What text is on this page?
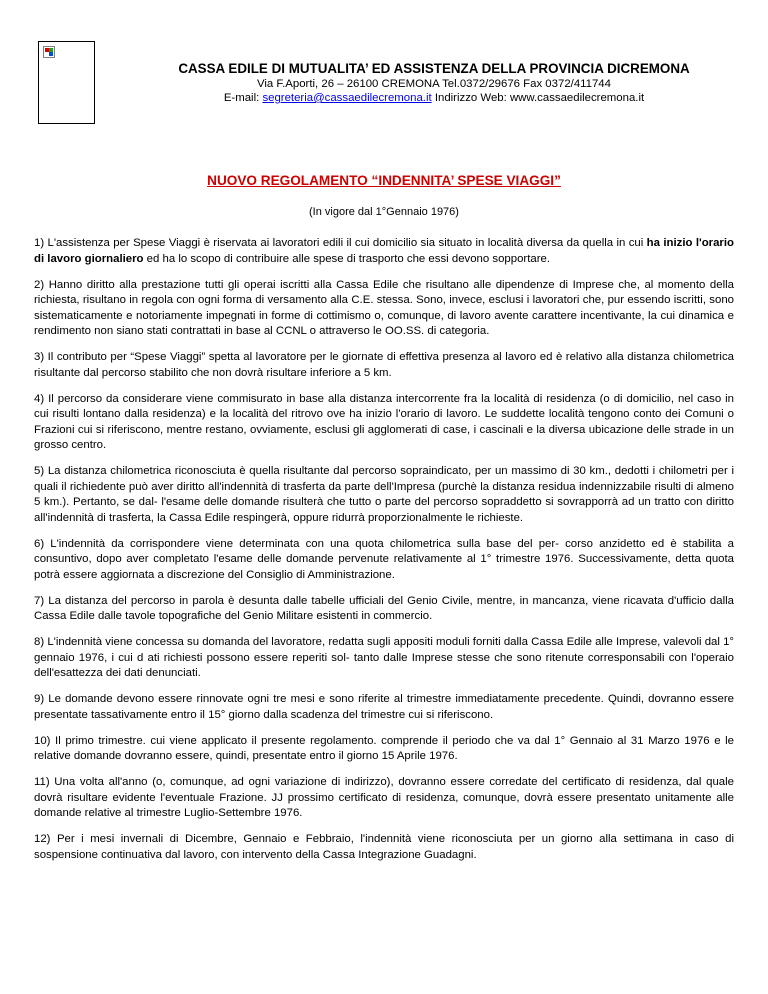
CASSA EDILE DI MUTUALITA’ ED ASSISTENZA DELLA PROVINCIA DICREMONA
Via F.Aporti, 26 – 26100 CREMONA Tel.0372/29676 Fax 0372/411744
E-mail: segreteria@cassaedilecremona.it Indirizzo Web: www.cassaedilecremona.it
NUOVO REGOLAMENTO “INDENNITA’ SPESE VIAGGI”
(In vigore dal 1°Gennaio 1976)

1) L'assistenza per Spese Viaggi è riservata ai lavoratori edili il cui domicilio sia situato in località diversa da quella in cui ha inizio l'orario di lavoro giornaliero ed ha lo scopo di contribuire alle spese di trasporto che essi devono sopportare.

2) Hanno diritto alla prestazione tutti gli operai iscritti alla Cassa Edile che risultano alle dipendenze di Imprese che, al momento della richiesta, risultano in regola con ogni forma di versamento alla C.E. stessa. Sono, invece, esclusi i lavoratori che, pur essendo iscritti, sono sistematicamente e notoriamente impegnati in forme di cottimismo o, comunque, di lavoro avente carattere incentivante, la cui dinamica e rendimento non siano stati contrattati in base al CCNL o attraverso le OO.SS. di categoria.

3) Il contributo per “Spese Viaggi” spetta al lavoratore per le giornate di effettiva presenza al lavoro ed è relativo alla distanza chilometrica risultante dal percorso stabilito che non dovrà risultare inferiore a 5 km.

4) Il percorso da considerare viene commisurato in base alla distanza intercorrente fra la località di residenza (o di domicilio, nel caso in cui risulti lontano dalla residenza) e la località del ritrovo ove ha inizio l'orario di lavoro. Le suddette località tengono conto dei Comuni o Frazioni cui si riferiscono, mentre restano, ovviamente, esclusi gli agglomerati di case, i cascinali e la diversa ubicazione delle strade in un grosso centro.

5) La distanza chilometrica riconosciuta è quella risultante dal percorso sopraindicato, per un massimo di 30 km., dedotti i chilometri per i quali il richiedente può aver diritto all'indennità di trasferta da parte dell'Impresa (purchè la distanza residua indennizzabile risulti di almeno 5 km.). Pertanto, se dal- l'esame delle domande risulterà che tutto o parte del percorso sopraddetto si sovrapporrà ad un tratto con diritto all'indennità di trasferta, la Cassa Edile respingerà, oppure ridurrà proporzionalmente le richieste.

6) L'indennità da corrispondere viene determinata con una quota chilometrica sulla base del per- corso anzidetto ed è stabilita a consuntivo, dopo aver completato l'esame delle domande pervenute relativamente al 1° trimestre 1976. Successivamente, detta quota potrà essere aggiornata a discrezione del Consiglio di Amministrazione.

7) La distanza del percorso in parola è desunta dalle tabelle ufficiali del Genio Civile, mentre, in mancanza, viene ricavata d'ufficio dalla Cassa Edile dalle tavole topografiche del Genio Militare esistenti in commercio.

8) L'indennità viene concessa su domanda del lavoratore, redatta sugli appositi moduli forniti dalla Cassa Edile alle Imprese, valevoli dal 1° gennaio 1976, i cui d ati richiesti possono essere reperiti sol- tanto dalle Imprese stesse che sono ritenute corresponsabili con l'operaio dell'esattezza dei dati denunciati.

9) Le domande devono essere rinnovate ogni tre mesi e sono riferite al trimestre immediatamente precedente. Quindi, dovranno essere presentate tassativamente entro il 15° giorno dalla scadenza del trimestre cui si riferiscono.

10) Il primo trimestre. cui viene applicato il presente regolamento. comprende il periodo che va dal 1° Gennaio al 31 Marzo 1976 e le relative domande dovranno essere, quindi, presentate entro il giorno 15 Aprile 1976.

11) Una volta all'anno (o, comunque, ad ogni variazione di indirizzo), dovranno essere corredate del certificato di residenza, dal quale dovrà risultare evidente l'eventuale Frazione. JJ prossimo certificato di residenza, comunque, dovrà essere presentato unitamente alle domande relative al trimestre Luglio-Settembre 1976.

12) Per i mesi invernali di Dicembre, Gennaio e Febbraio, l'indennità viene riconosciuta per un giorno alla settimana in caso di sospensione continuativa dal lavoro, con intervento della Cassa Integrazione Guadagni.
